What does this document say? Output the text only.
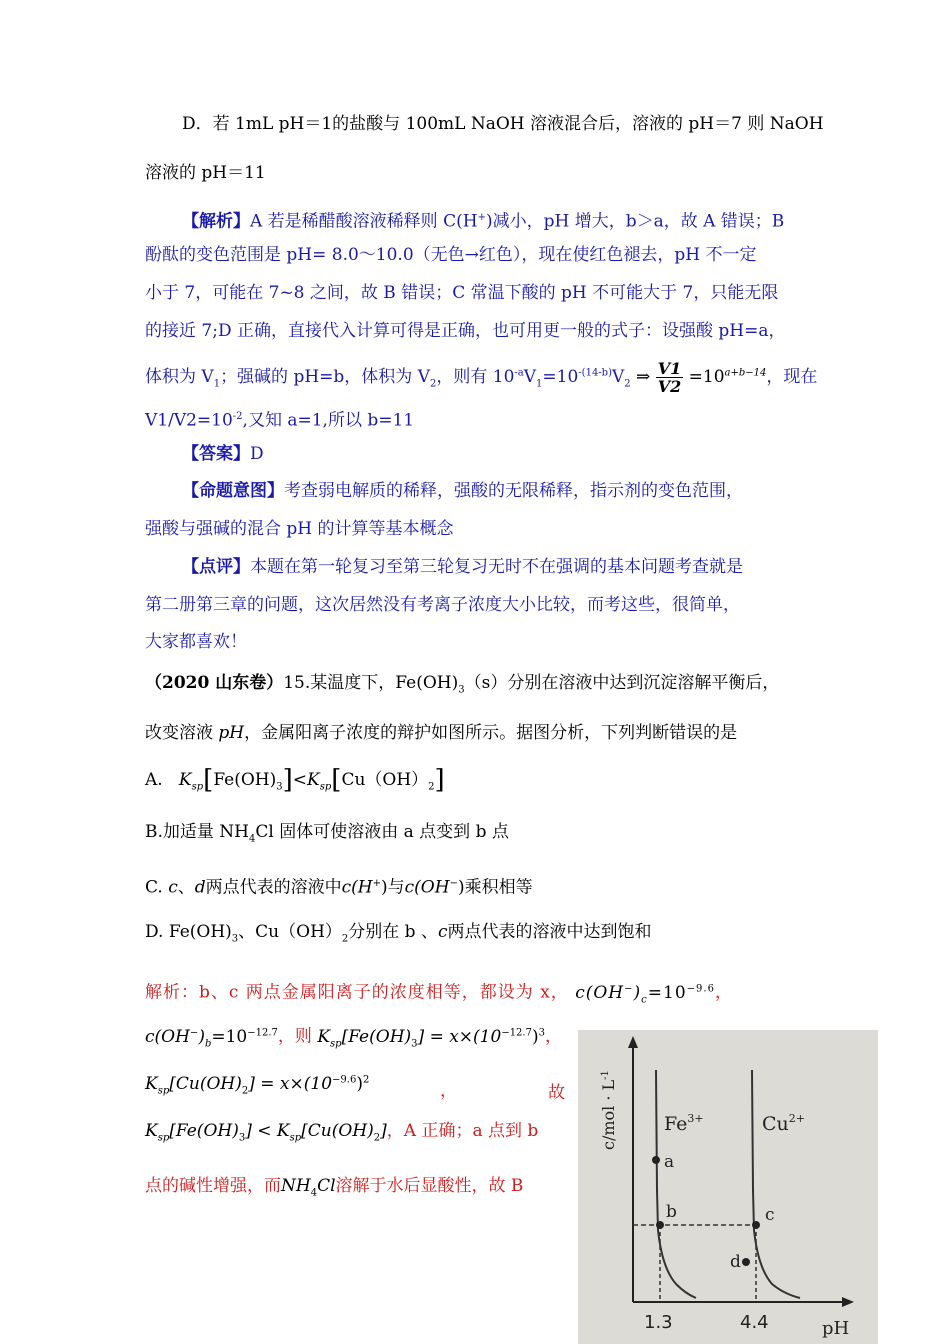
D．若 1mL pH＝1的盐酸与 100mL NaOH 溶液混合后，溶液的 pH＝7 则 NaOH
溶液的 pH＝11
【解析】A 若是稀醋酸溶液稀释则 C(H+)减小，pH 增大，b＞a，故 A 错误；B
酚酞的变色范围是 pH= 8.0～10.0（无色→红色），现在使红色褪去，pH 不一定
小于 7，可能在 7~8 之间，故 B 错误；C 常温下酸的 pH 不可能大于 7，只能无限
的接近 7;D 正确，直接代入计算可得是正确，也可用更一般的式子：设强酸 pH=a，
体积为 $V_1$；强碱的 pH=b，体积为 $V_2$，则有 $10^{-a}V_1=10^{-(14-b)}V_2$ ⇒ $\frac{V1}{V2} =10^{a+b-14}$，现在
$V1/V2=10^{-2}$,又知 a=1,所以 b=11
【答案】D
【命题意图】考查弱电解质的稀释，强酸的无限稀释，指示剂的变色范围，
强酸与强碱的混合 pH 的计算等基本概念
【点评】本题在第一轮复习至第三轮复习无时不在强调的基本问题考查就是
第二册第三章的问题，这次居然没有考离子浓度大小比较，而考这些，很简单，
大家都喜欢！
（2020 山东卷）15.某温度下，$Fe(OH)_3(s)$分别在溶液中达到沉淀溶解平衡后，
改变溶液 pH，金属阳离子浓度的辩护如图所示。据图分析，下列判断错误的是
A. $K_{sp}[Fe(OH)_3]<K_{sp}[Cu(OH)_2]$
B.加适量 $NH_4Cl$ 固体可使溶液由 a 点变到 b 点
C. c、d两点代表的溶液中c(H+)与c(OH−)乘积相等
D. $Fe(OH)_3$、$Cu(OH)_2$分别在 b 、c两点代表的溶液中达到饱和
解析：b、c 两点金属阳离子的浓度相等，都设为 x， $c(OH^-)_c=10^{-9.6}$，
$c(OH^-)_b=10^{-12.7}$，则 $K_{sp}[Fe(OH)_3] = x\times(10^{-12.7})^3$，
$K_{sp}[Cu(OH)_2] = x\times(10^{-9.6})^2$
，	故
$K_{sp}[Fe(OH)_3] < K_{sp}[Cu(OH)_2]$，A 正确；a 点到 b
点的碱性增强，而$NH_4Cl$溶解于水后显酸性，故 B
a
b	c
d
$Fe^{3+}$	$Cu^{2+}$
1.3	4.4	pH
$c/mol \cdot L^{-1}$
